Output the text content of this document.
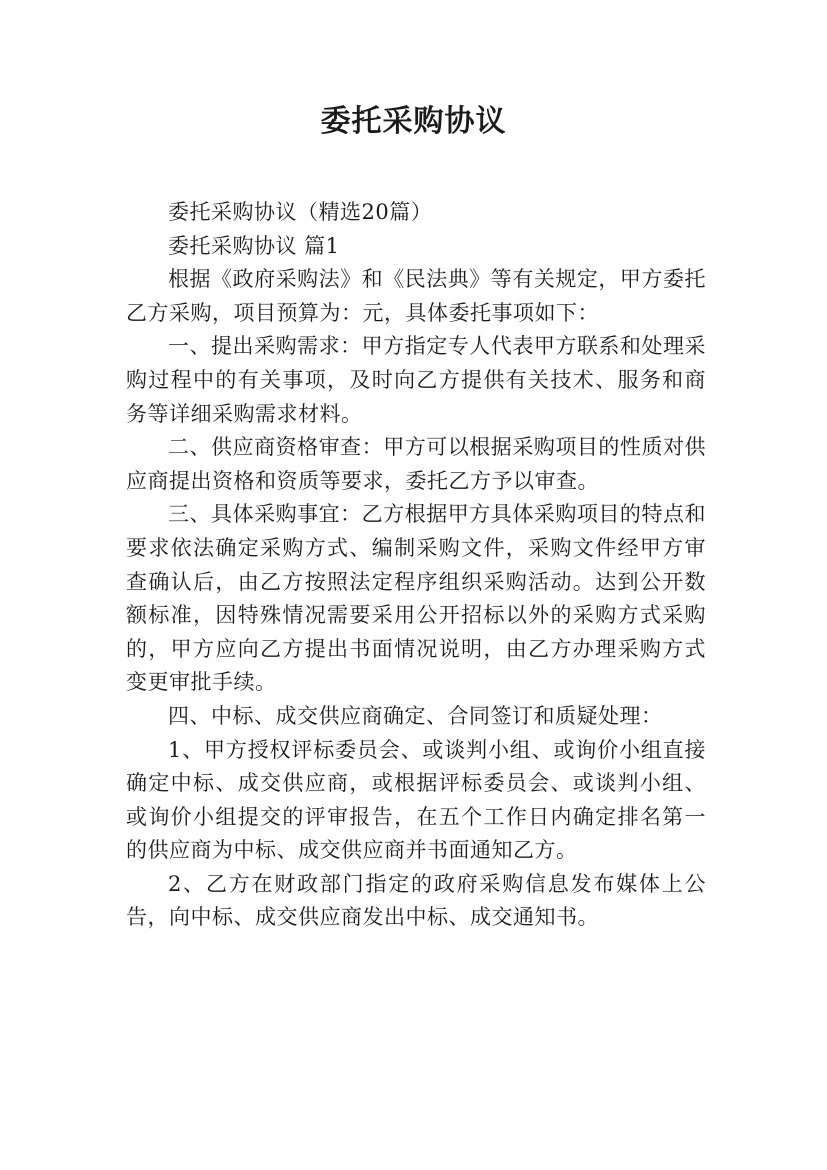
委托采购协议

委托采购协议（精选20篇）

委托采购协议 篇1

根据《政府采购法》和《民法典》等有关规定，甲方委托乙方采购，项目预算为：元，具体委托事项如下：

一、提出采购需求：甲方指定专人代表甲方联系和处理采购过程中的有关事项，及时向乙方提供有关技术、服务和商务等详细采购需求材料。

二、供应商资格审查：甲方可以根据采购项目的性质对供应商提出资格和资质等要求，委托乙方予以审查。

三、具体采购事宜：乙方根据甲方具体采购项目的特点和要求依法确定采购方式、编制采购文件，采购文件经甲方审查确认后，由乙方按照法定程序组织采购活动。达到公开数额标准，因特殊情况需要采用公开招标以外的采购方式采购的，甲方应向乙方提出书面情况说明，由乙方办理采购方式变更审批手续。

四、中标、成交供应商确定、合同签订和质疑处理：

1、甲方授权评标委员会、或谈判小组、或询价小组直接确定中标、成交供应商，或根据评标委员会、或谈判小组、或询价小组提交的评审报告，在五个工作日内确定排名第一的供应商为中标、成交供应商并书面通知乙方。

2、乙方在财政部门指定的政府采购信息发布媒体上公告，向中标、成交供应商发出中标、成交通知书。
